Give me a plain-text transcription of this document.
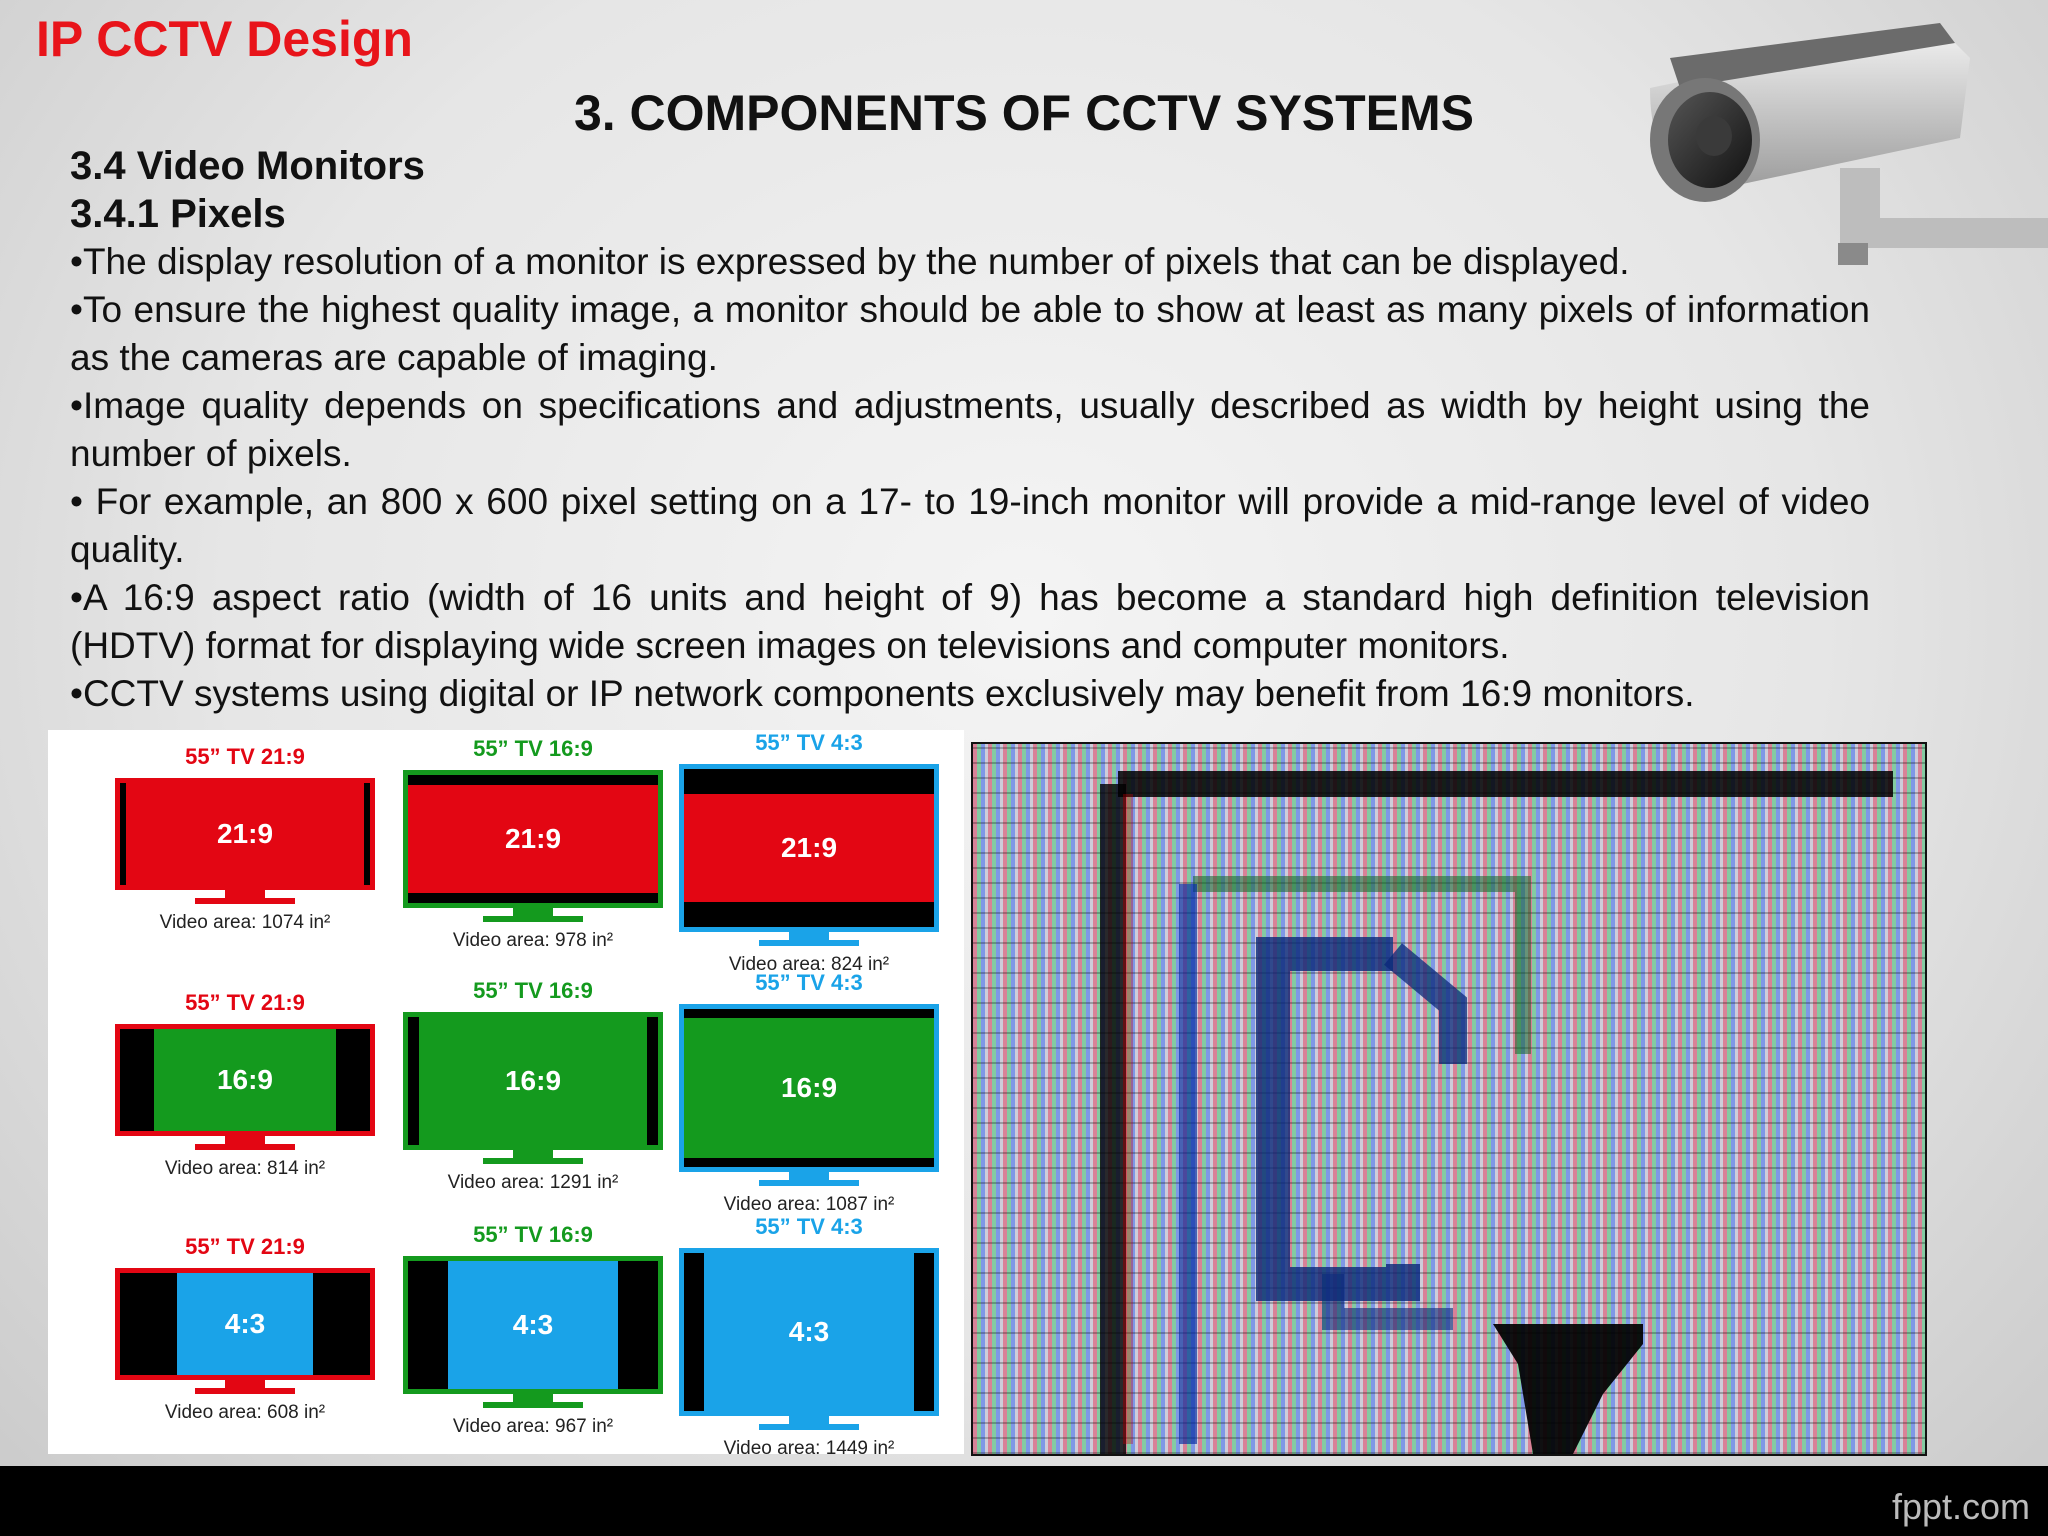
IP CCTV Design
3. COMPONENTS OF CCTV SYSTEMS
3.4 Video Monitors
3.4.1 Pixels

•The display resolution of a monitor is expressed by the number of pixels that can be displayed.

•To ensure the highest quality image, a monitor should be able to show at least as many pixels of information as the cameras are capable of imaging.

•Image quality depends on specifications and adjustments, usually described as width by height using the number of pixels.

• For example, an 800 x 600 pixel setting on a 17- to 19-inch monitor will provide a mid-range level of video quality.

•A 16:9 aspect ratio (width of 16 units and height of 9) has become a standard high definition television (HDTV) format for displaying wide screen images on televisions and computer monitors.

•CCTV systems using digital or IP network components exclusively may benefit from 16:9 monitors.

55” TV 21:9
21:9
Video area: 1074 in²
55” TV 16:9
21:9
Video area: 978 in²
55” TV 4:3
21:9
Video area: 824 in²
55” TV 21:9
16:9
Video area: 814 in²
55” TV 16:9
16:9
Video area: 1291 in²
55” TV 4:3
16:9
Video area: 1087 in²
55” TV 21:9
4:3
Video area: 608 in²
55” TV 16:9
4:3
Video area: 967 in²
55” TV 4:3
4:3
Video area: 1449 in²
fppt.com
